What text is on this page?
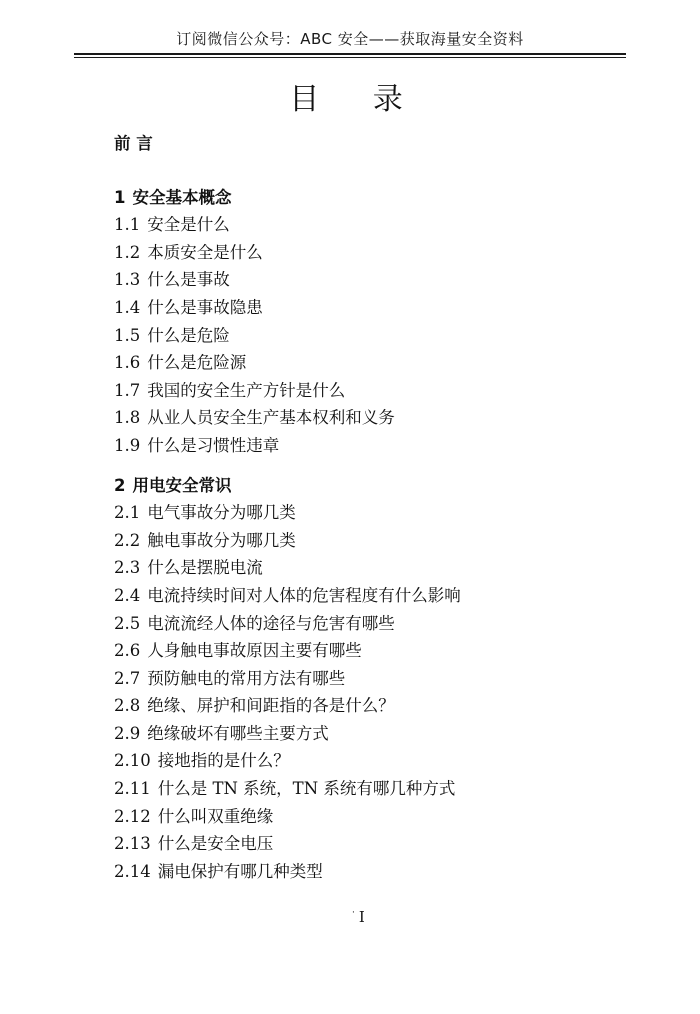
订阅微信公众号：ABC 安全——获取海量安全资料
目 录
前 言
1 安全基本概念
1.1 安全是什么
1.2 本质安全是什么
1.3 什么是事故
1.4 什么是事故隐患
1.5 什么是危险
1.6 什么是危险源
1.7 我国的安全生产方针是什么
1.8 从业人员安全生产基本权利和义务
1.9 什么是习惯性违章
2 用电安全常识
2.1 电气事故分为哪几类
2.2 触电事故分为哪几类
2.3 什么是摆脱电流
2.4 电流持续时间对人体的危害程度有什么影响
2.5 电流流经人体的途径与危害有哪些
2.6 人身触电事故原因主要有哪些
2.7 预防触电的常用方法有哪些
2.8 绝缘、屏护和间距指的各是什么？
2.9 绝缘破坏有哪些主要方式
2.10 接地指的是什么？
2.11 什么是 TN 系统，TN 系统有哪几种方式
2.12 什么叫双重绝缘
2.13 什么是安全电压
2.14 漏电保护有哪几种类型
· I
